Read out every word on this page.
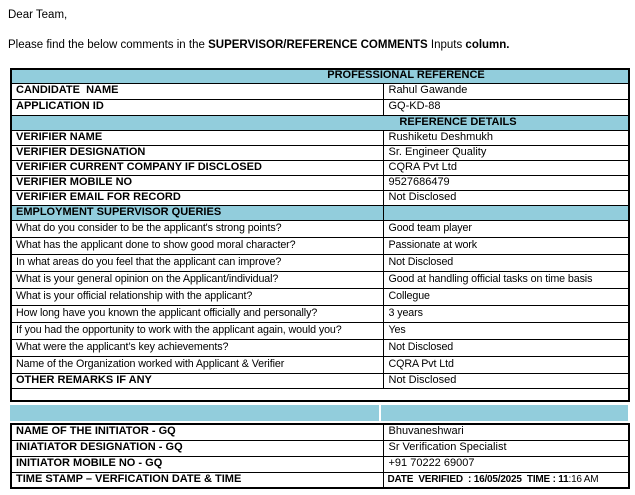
Dear Team,

Please find the below comments in the SUPERVISOR/REFERENCE COMMENTS Inputs column.

PROFESSIONAL REFERENCE	
CANDIDATE  NAME	Rahul Gawande
APPLICATION ID	GQ-KD-88
REFERENCE DETAILS	
VERIFIER NAME	Rushiketu Deshmukh
VERIFIER DESIGNATION	Sr. Engineer Quality
VERIFIER CURRENT COMPANY IF DISCLOSED	CQRA Pvt Ltd
VERIFIER MOBILE NO	9527686479
VERIFIER EMAIL FOR RECORD	Not Disclosed
EMPLOYMENT SUPERVISOR QUERIES	
What do you consider to be the applicant's strong points?	Good team player
What has the applicant done to show good moral character?	Passionate at work
In what areas do you feel that the applicant can improve?	Not Disclosed
What is your general opinion on the Applicant/individual?	Good at handling official tasks on time basis
What is your official relationship with the applicant?	Collegue
How long have you known the applicant officially and personally?	3 years
If you had the opportunity to work with the applicant again, would you?	Yes
What were the applicant’s key achievements?	Not Disclosed
Name of the Organization worked with Applicant & Verifier	CQRA Pvt Ltd
OTHER REMARKS IF ANY	Not Disclosed

NAME OF THE INITIATOR - GQ	Bhuvaneshwari
INIATIATOR DESIGNATION - GQ	Sr Verification Specialist
INITIATOR MOBILE NO - GQ	+91 70222 69007
TIME STAMP – VERFICATION DATE & TIME	DATE  VERIFIED  : 16/05/2025  TIME : 11:16 AM
